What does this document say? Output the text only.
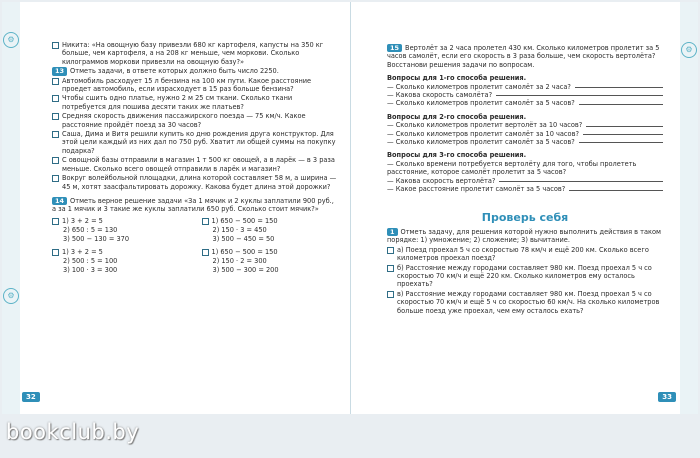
⚙
⚙
Никита: «На овощную базу привезли 680 кг картофеля, капусты на 350 кг больше, чем картофеля, а на 208 кг меньше, чем моркови. Сколько килограммов моркови привезли на овощную базу?»
13 Отметь задачи, в ответе которых должно быть число 2250.
Автомобиль расходует 15 л бензина на 100 км пути. Какое расстояние проедет автомобиль, если израсходует в 15 раз больше бензина?
Чтобы сшить одно платье, нужно 2 м 25 см ткани. Сколько ткани потребуется для пошива десяти таких же платьев?
Средняя скорость движения пассажирского поезда — 75 км/ч. Какое расстояние пройдёт поезд за 30 часов?
Саша, Дима и Витя решили купить ко дню рождения друга конструктор. Для этой цели каждый из них дал по 750 руб. Хватит ли общей суммы на покупку подарка?
С овощной базы отправили в магазин 1 т 500 кг овощей, а в ларёк — в 3 раза меньше. Сколько всего овощей отправили в ларёк и магазин?
Вокруг волейбольной площадки, длина которой составляет 58 м, а ширина — 45 м, хотят заасфальтировать дорожку. Какова будет длина этой дорожки?
14 Отметь верное решение задачи «За 1 мячик и 2 куклы заплатили 900 руб., а за 1 мячик и 3 такие же куклы заплатили 650 руб. Сколько стоит мячик?»
1) 3 + 2 = 5
2) 650 : 5 = 130
3) 500 − 130 = 370
1) 650 − 500 = 150
2) 150 · 3 = 450
3) 500 − 450 = 50
1) 3 + 2 = 5
2) 500 : 5 = 100
3) 100 · 3 = 300
1) 650 − 500 = 150
2) 150 · 2 = 300
3) 500 − 300 = 200
32
⚙
15 Вертолёт за 2 часа пролетел 430 км. Сколько километров пролетит за 5 часов самолёт, если его скорость в 3 раза больше, чем скорость вертолёта?
Восстанови решения задачи по вопросам.
Вопросы для 1-го способа решения.
— Сколько километров пролетит самолёт за 2 часа?
— Какова скорость самолёта?
— Сколько километров пролетит самолёт за 5 часов?
Вопросы для 2-го способа решения.
— Сколько километров пролетит вертолёт за 10 часов?
— Сколько километров пролетит самолёт за 10 часов?
— Сколько километров пролетит самолёт за 5 часов?
Вопросы для 3-го способа решения.
— Сколько времени потребуется вертолёту для того, чтобы пролететь расстояние, которое самолёт пролетит за 5 часов?
— Какова скорость вертолёта?
— Какое расстояние пролетит самолёт за 5 часов?
Проверь себя
1 Отметь задачу, для решения которой нужно выполнить действия в таком порядке: 1) умножение; 2) сложение; 3) вычитание.
а) Поезд проехал 5 ч со скоростью 78 км/ч и ещё 200 км. Сколько всего километров проехал поезд?
б) Расстояние между городами составляет 980 км. Поезд проехал 5 ч со скоростью 70 км/ч и ещё 220 км. Сколько километров ему осталось проехать?
в) Расстояние между городами составляет 980 км. Поезд проехал 5 ч со скоростью 70 км/ч и ещё 5 ч со скоростью 60 км/ч. На сколько километров больше поезд уже проехал, чем ему осталось ехать?
33
bookclub.by
